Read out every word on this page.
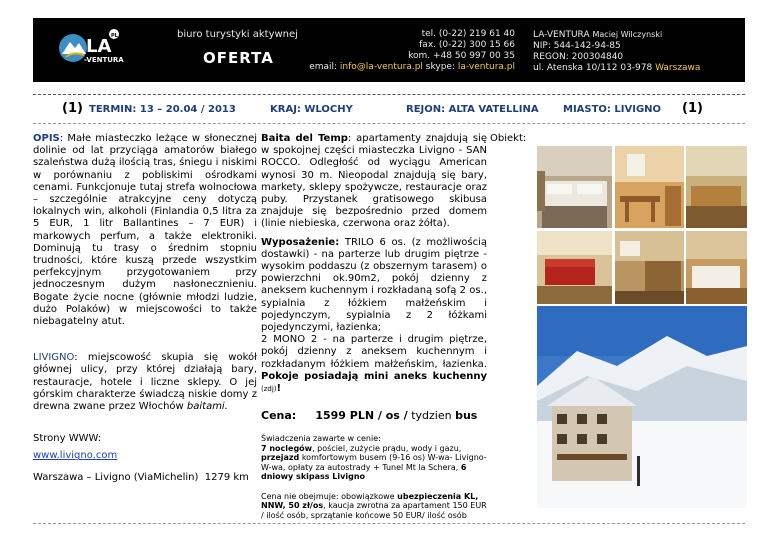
LA
-VENTURA
PL	biuro turystyki aktywnej
OFERTA
tel. (0-22) 219 61 40
fax. (0-22) 300 15 66
kom. +48 50 997 00 35
email: info@la-ventura.pl skype: la-ventura.pl
LA-VENTURA Maciej Wilczynski
NIP: 544-142-94-85
REGON: 200304840
ul. Atenska 10/112 03-978 Warszawa
(1) TERMIN: 13 – 20.04 / 2013	KRAJ: WLOCHY	REJON: ALTA VATELLINA MIASTO: LIVIGNO (1)

OPIS: Małe miasteczko leżące w słonecznej dolinie od lat przyciąga amatorów białego szaleństwa dużą ilością tras, śniegu i niskimi w porównaniu z pobliskimi ośrodkami cenami. Funkcjonuje tutaj strefa wolnocłowa – szczególnie atrakcyjne ceny dotyczą lokalnych win, alkoholi (Finlandia 0,5 litra za 5 EUR, 1 litr Ballantines – 7 EUR) i markowych perfum, a także elektroniki. Dominują tu trasy o średnim stopniu trudności, które kuszą przede wszystkim perfekcyjnym przygotowaniem przy jednoczesnym dużym nasłonecznieniu. Bogate życie nocne (głównie młodzi ludzie, dużo Polaków) w miejscowości to także niebagatelny atut.

LIVIGNO: miejscowość skupia się wokół głównej ulicy, przy której działają bary, restauracje, hotele i liczne sklepy. O jej górskim charakterze świadczą niskie domy z drewna zwane przez Włochów baitami.

Strony WWW:

www.livigno.com

Warszawa – Livigno (ViaMichelin) 1279 km

Baita del Temp: apartamenty znajdują się w spokojnej części miasteczka Livigno - SAN ROCCO. Odległość od wyciągu American wynosi 30 m. Nieopodal znajdują się bary, markety, sklepy spożywcze, restauracje oraz puby. Przystanek gratisowego skibusa znajduje się bezpośrednio przed domem (linie niebieska, czerwona oraz żółta).

Wyposażenie: TRILO 6 os. (z możliwością dostawki) - na parterze lub drugim piętrze - wysokim poddaszu (z obszernym tarasem) o powierzchni ok.90m2, pokój dzienny z aneksem kuchennym i rozkładaną sofą 2 os., sypialnia z łóżkiem małżeńskim i pojedynczym, sypialnia z 2 łóżkami pojedynczymi, łazienka;

2 MONO 2 - na parterze i drugim piętrze, pokój dzienny z aneksem kuchennym i rozkładanym łóżkiem małżeńskim, łazienka. Pokoje posiadają mini aneks kuchenny (zdj)!

Cena: 1599 PLN / os / tydzien bus

Świadczenia zawarte w cenie:
7 noclegów, pościel, zużycie prądu, wody i gazu, przejazd komfortowym busem (9-16 os) W-wa- Livigno-W-wa, opłaty za autostrady + Tunel Mt la Schera, 6 dniowy skipass Livigno

Cena nie obejmuje: obowiązkowe ubezpieczenia KL, NNW, 50 zł/os, kaucja zwrotna za apartament 150 EUR / ilość osób, sprzątanie końcowe 50 EUR/ ilość osób

Obiekt:
